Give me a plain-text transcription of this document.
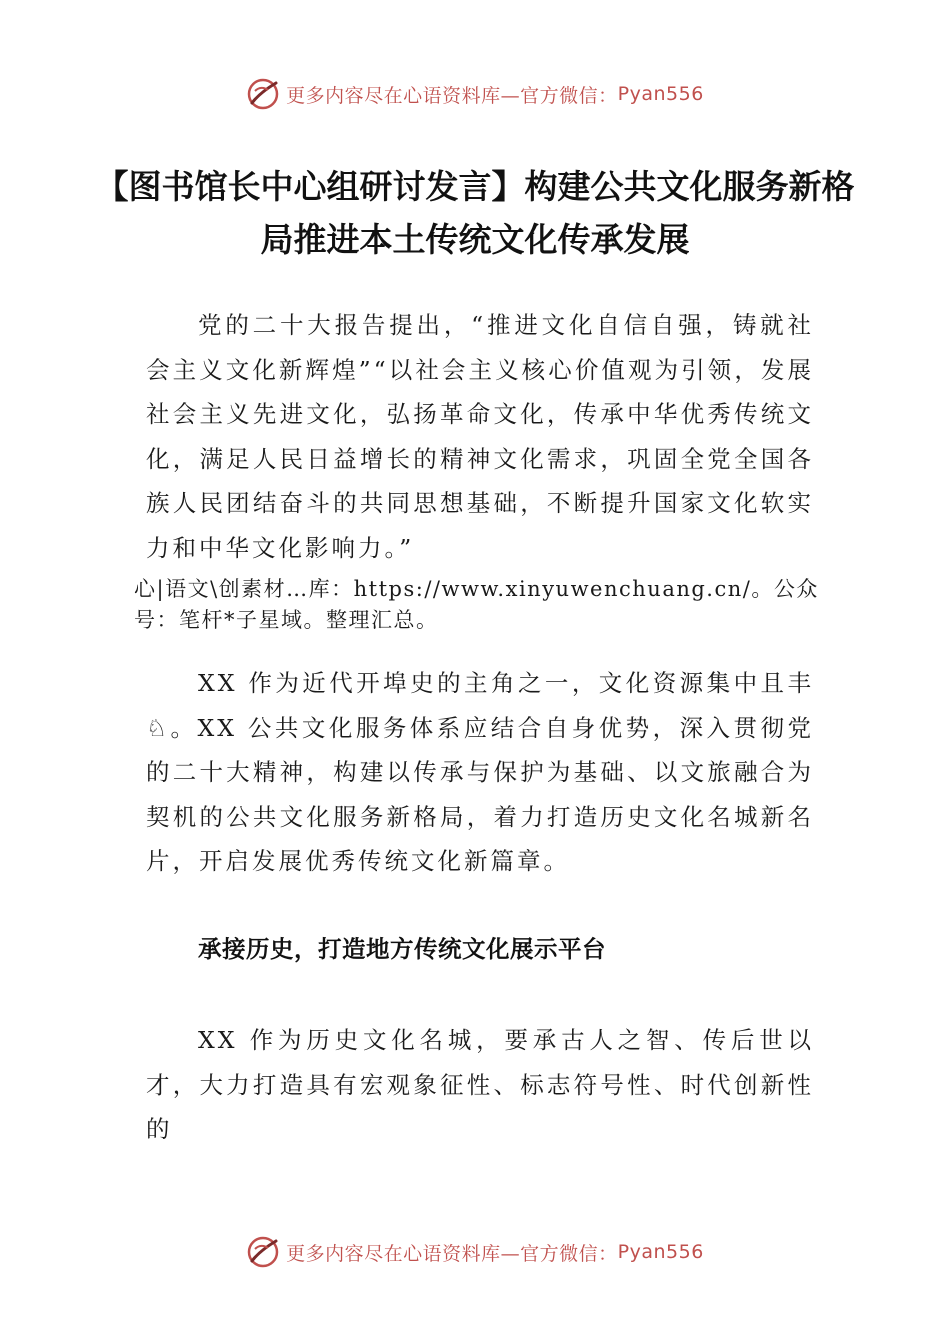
更多内容尽在心语资料库—官方微信： Pyan556
【图书馆长中心组研讨发言】构建公共文化服务新格局推进本土传统文化传承发展
党的二十大报告提出，“推进文化自信自强，铸就社会主义文化新辉煌”“以社会主义核心价值观为引领，发展社会主义先进文化，弘扬革命文化，传承中华优秀传统文化，满足人民日益增长的精神文化需求，巩固全党全国各族人民团结奋斗的共同思想基础，不断提升国家文化软实力和中华文化影响力。”
心|语文\创素材…库：https://www.xinyuwenchuang.cn/。公众号：笔杆*子星域。整理汇总。
XX 作为近代开埠史的主角之一，文化资源集中且丰♘。XX 公共文化服务体系应结合自身优势，深入贯彻党的二十大精神，构建以传承与保护为基础、以文旅融合为契机的公共文化服务新格局，着力打造历史文化名城新名片，开启发展优秀传统文化新篇章。
承接历史，打造地方传统文化展示平台
XX 作为历史文化名城，要承古人之智、传后世以才，大力打造具有宏观象征性、标志符号性、时代创新性的
更多内容尽在心语资料库—官方微信： Pyan556
